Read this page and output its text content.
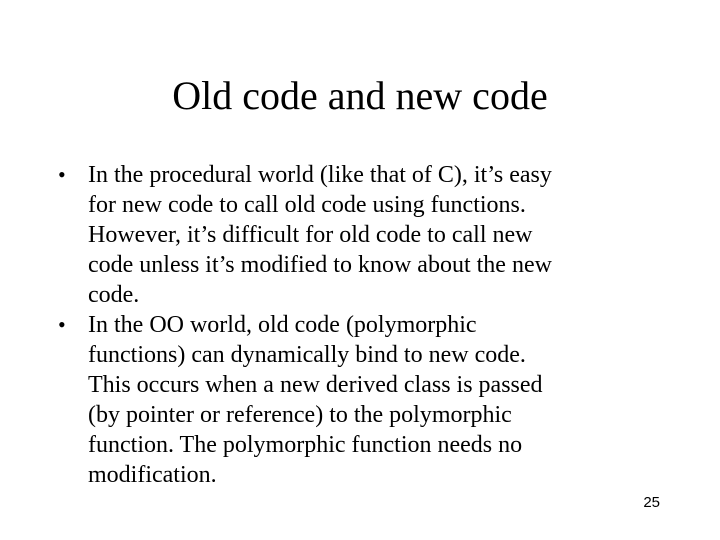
Old code and new code
• In the procedural world (like that of C), it’s easy
for new code to call old code using functions.
However, it’s difficult for old code to call new
code unless it’s modified to know about the new
code.
• In the OO world, old code (polymorphic
functions) can dynamically bind to new code.
This occurs when a new derived class is passed
(by pointer or reference) to the polymorphic
function. The polymorphic function needs no
modification.
25
